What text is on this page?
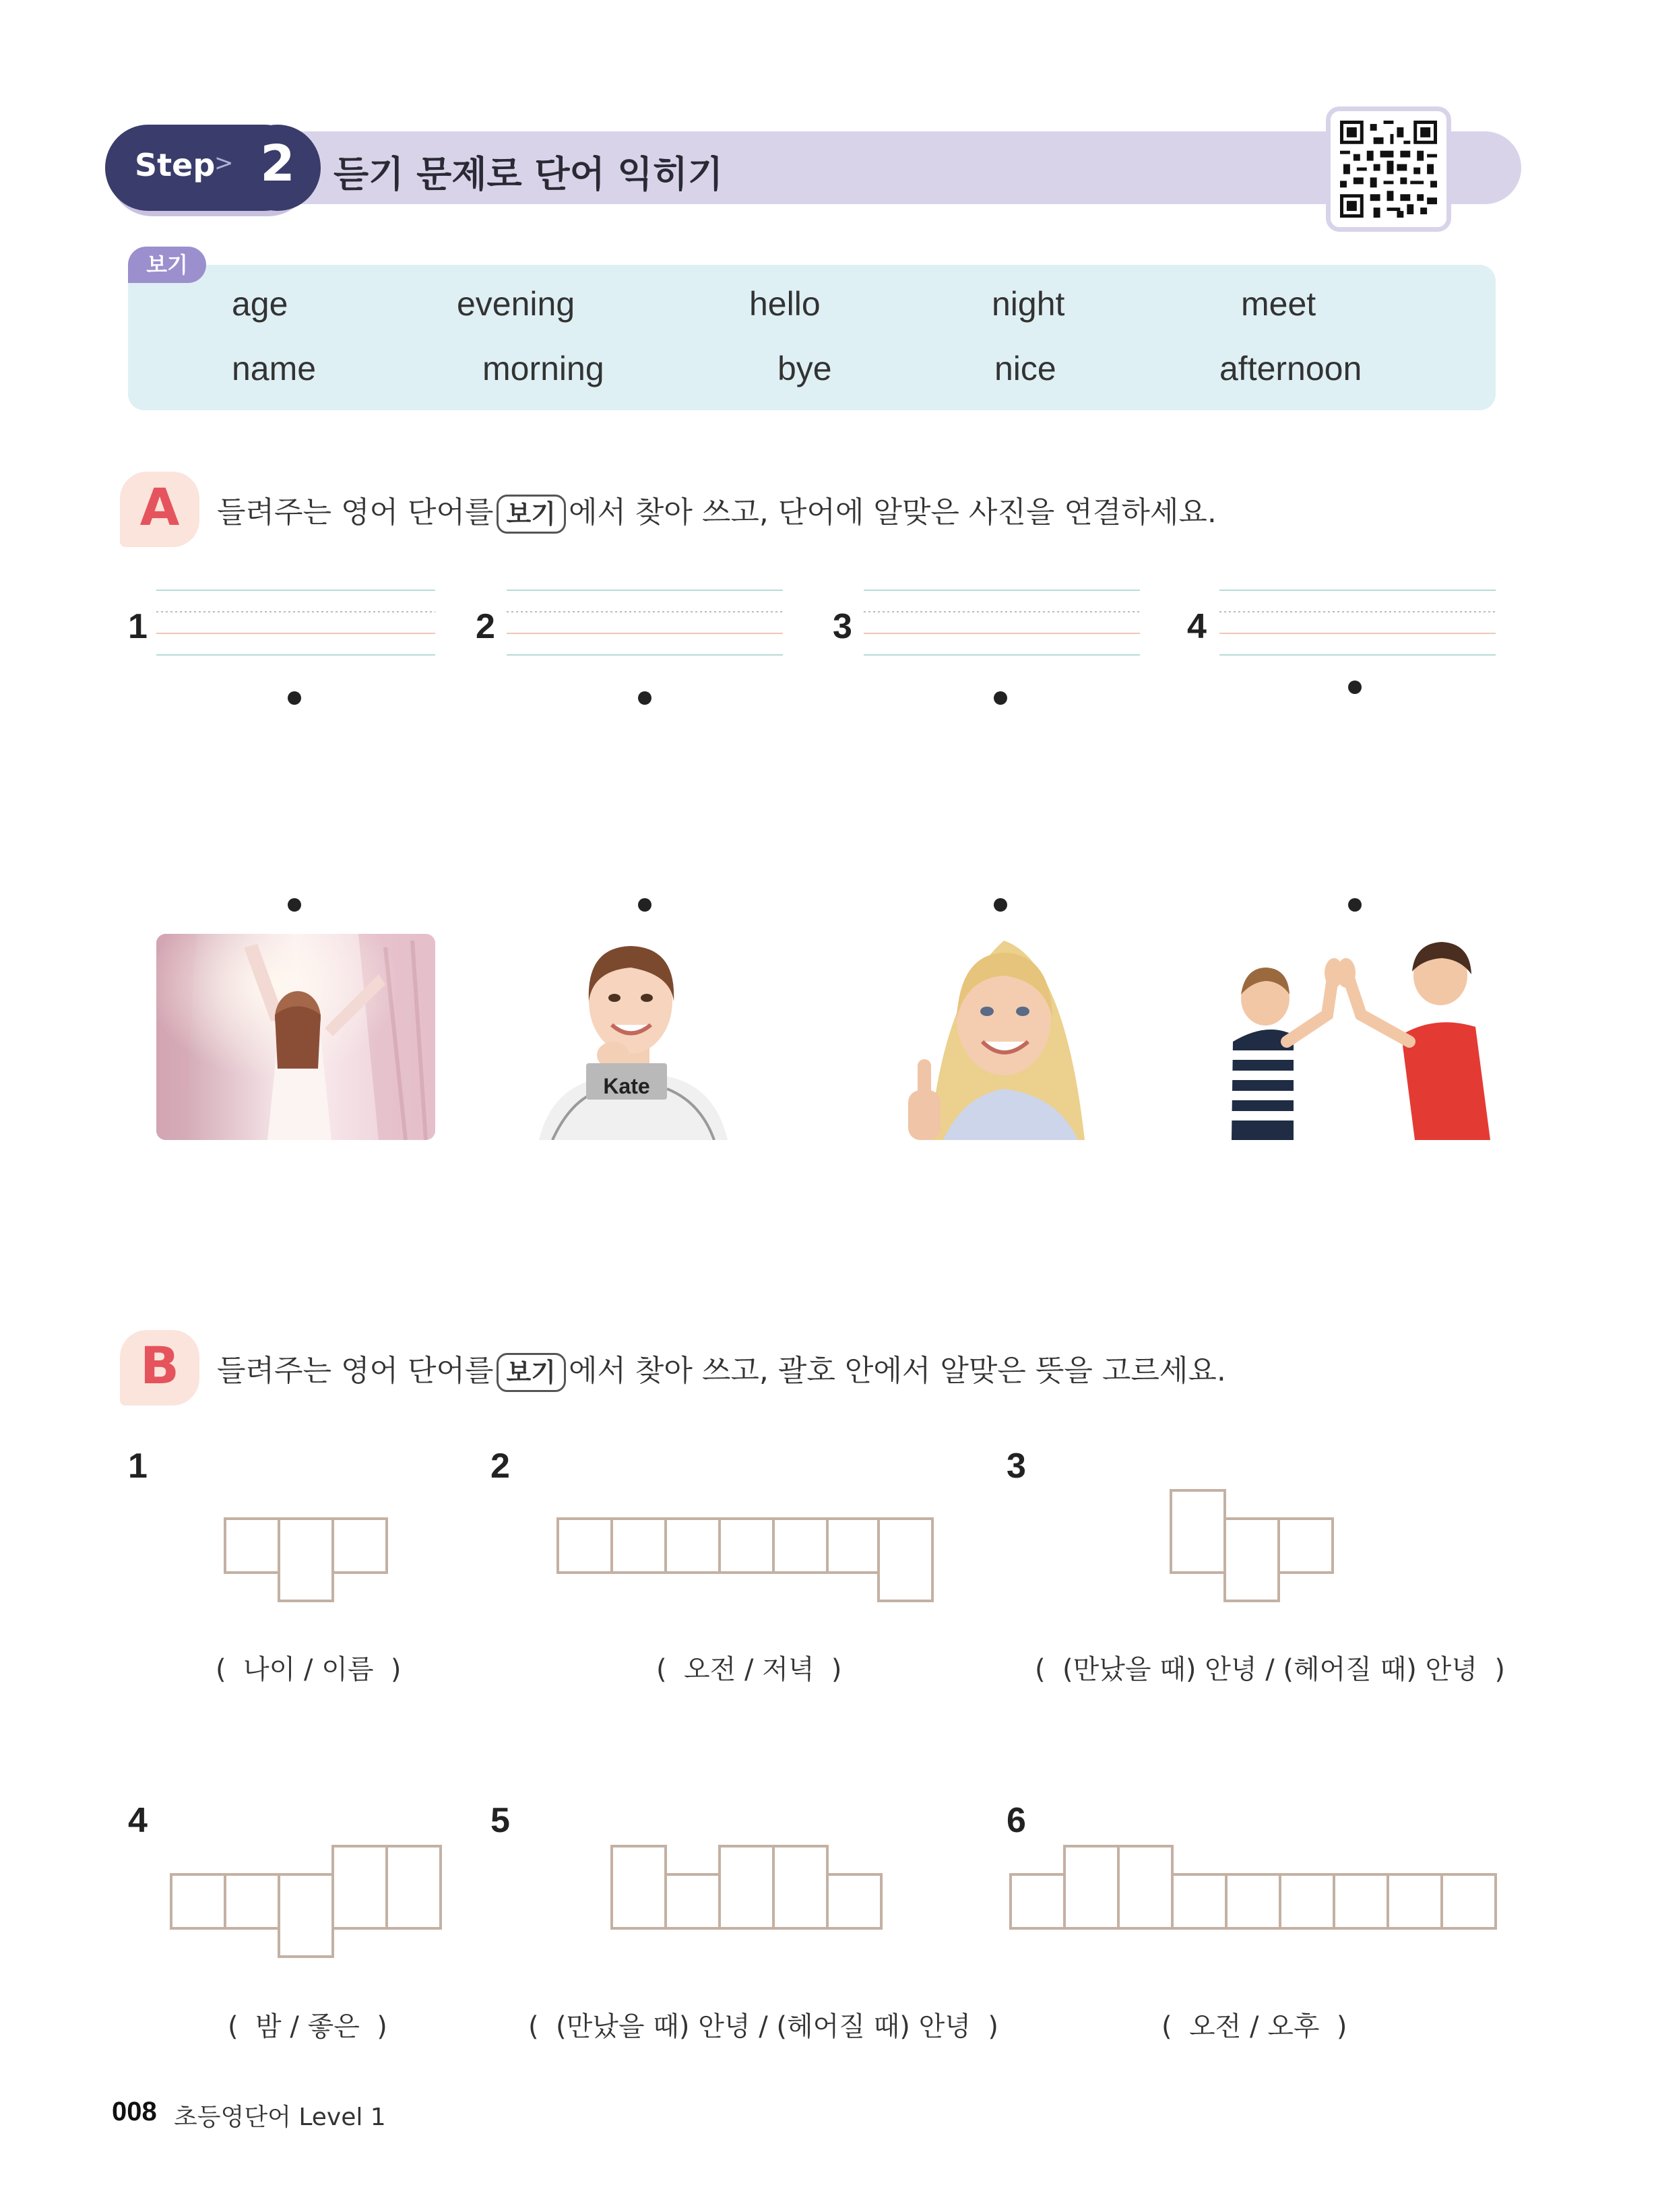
Step
> 2	듣기 문제로 단어 익히기
보기
age	evening	hello	night	meet
name	morning	bye	nice	afternoon
A	들려주는 영어 단어를 보기 에서 찾아 쓰고, 단어에 알맞은 사진을 연결하세요.
1	2	3	4
Kate
B	들려주는 영어 단어를 보기 에서 찾아 쓰고, 괄호 안에서 알맞은 뜻을 고르세요.
1
(  나이 / 이름  )
2
(  오전 / 저녁  )
3
(  (만났을 때) 안녕 / (헤어질 때) 안녕  )
4
(  밤 / 좋은  )
5
(  (만났을 때) 안녕 / (헤어질 때) 안녕  )
6
(  오전 / 오후  )
008 초등영단어 Level 1
